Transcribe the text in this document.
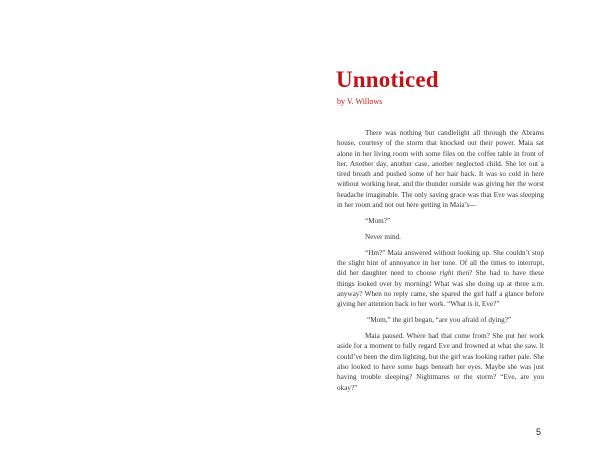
Unnoticed
by V. Willows

There was nothing but candlelight all through the Abrams house, courtesy of the storm that knocked out their power. Maia sat alone in her living room with some files on the coffee table in front of her. Another day, another case, another neglected child. She let out a tired breath and pushed some of her hair back. It was so cold in here without working heat, and the thunder outside was giving her the worst headache imaginable. The only saving grace was that Eve was sleeping in her room and not out here getting in Maia’s—

“Mom?”

Never mind.

“Hm?” Maia answered without looking up. She couldn’t stop the slight hint of annoyance in her tone. Of all the times to interrupt, did her daughter need to choose right then? She had to have these things looked over by morning! What was she doing up at three a.m. anyway? When no reply came, she spared the girl half a glance before giving her attention back to her work. “What is it, Eve?”

“Mom,” the girl began, “are you afraid of dying?”

Maia paused. Where had that come from? She put her work aside for a moment to fully regard Eve and frowned at what she saw. It could’ve been the dim lighting, but the girl was looking rather pale. She also looked to have some bags beneath her eyes. Maybe she was just having trouble sleeping? Nightmares or the storm? “Eve, are you okay?”

5
